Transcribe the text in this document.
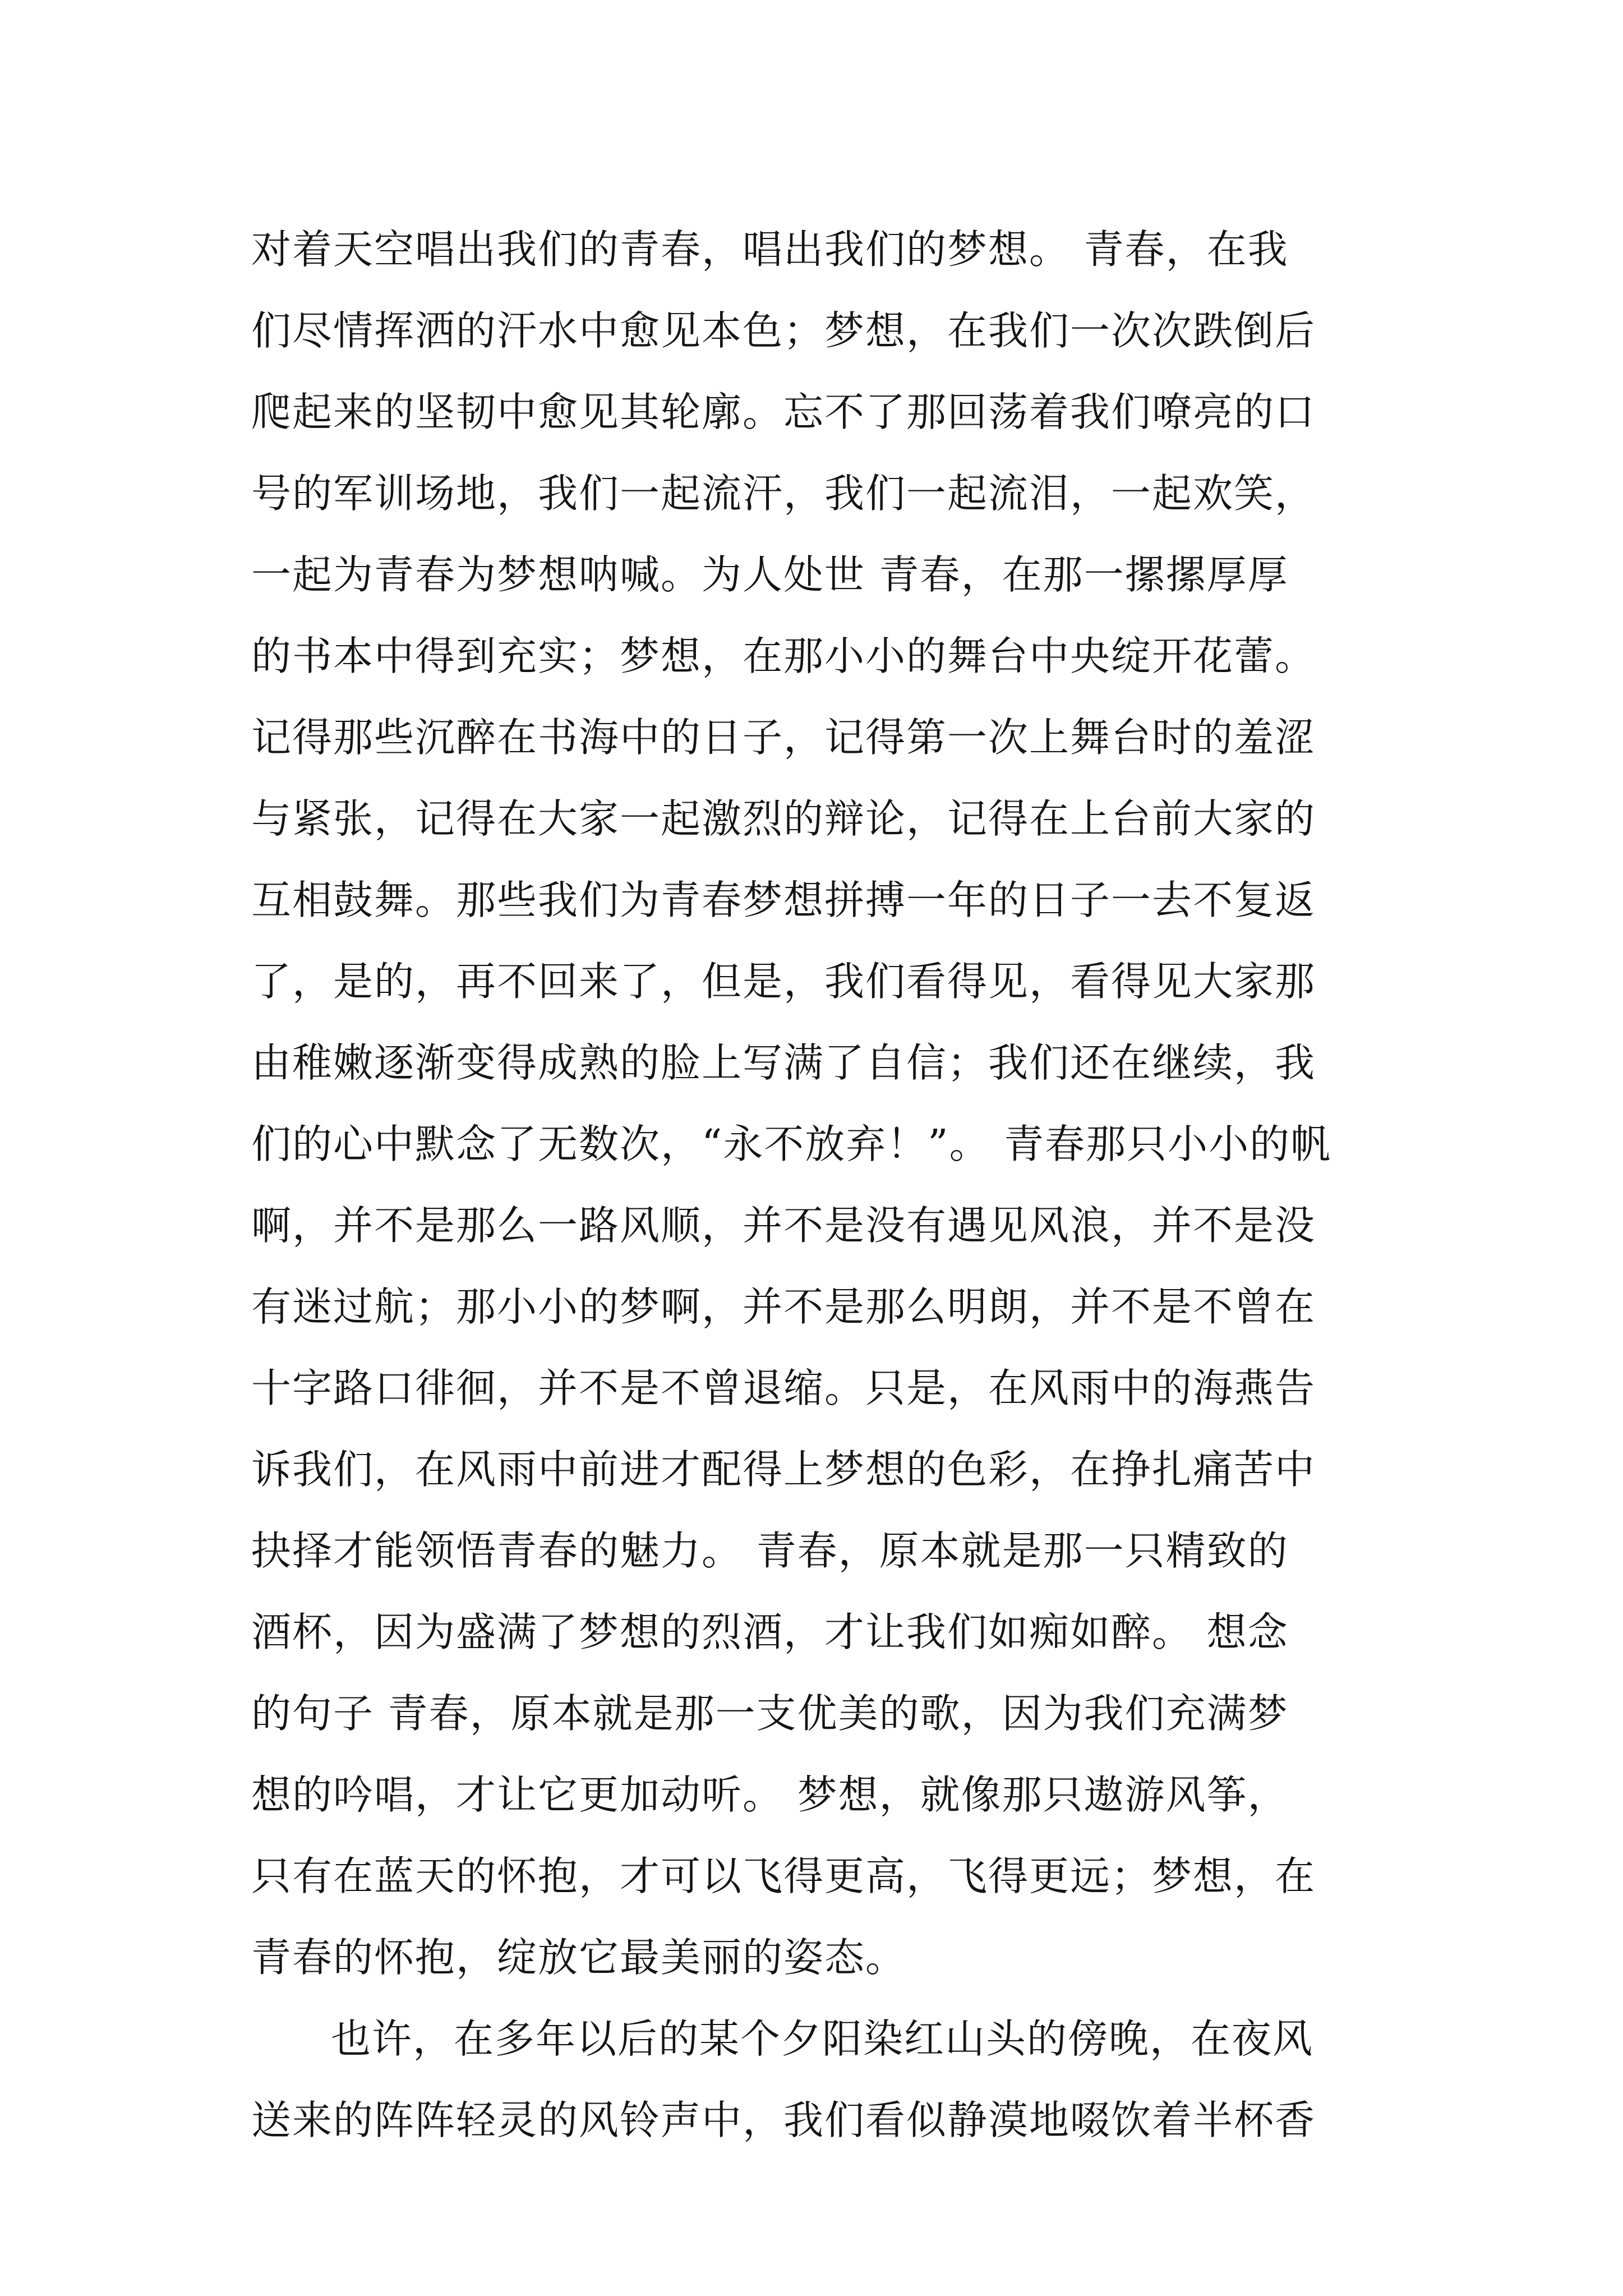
对着天空唱出我们的青春，唱出我们的梦想。 青春，在我
们尽情挥洒的汗水中愈见本色；梦想，在我们一次次跌倒后
爬起来的坚韧中愈见其轮廓。忘不了那回荡着我们嘹亮的口
号的军训场地，我们一起流汗，我们一起流泪，一起欢笑，
一起为青春为梦想呐喊。为人处世 青春，在那一摞摞厚厚
的书本中得到充实；梦想，在那小小的舞台中央绽开花蕾。
记得那些沉醉在书海中的日子，记得第一次上舞台时的羞涩
与紧张，记得在大家一起激烈的辩论，记得在上台前大家的
互相鼓舞。那些我们为青春梦想拼搏一年的日子一去不复返
了，是的，再不回来了，但是，我们看得见，看得见大家那
由稚嫩逐渐变得成熟的脸上写满了自信；我们还在继续，我
们的心中默念了无数次，“永不放弃！”。 青春那只小小的帆
啊，并不是那么一路风顺，并不是没有遇见风浪，并不是没
有迷过航；那小小的梦啊，并不是那么明朗，并不是不曾在
十字路口徘徊，并不是不曾退缩。只是，在风雨中的海燕告
诉我们，在风雨中前进才配得上梦想的色彩，在挣扎痛苦中
抉择才能领悟青春的魅力。 青春，原本就是那一只精致的
酒杯，因为盛满了梦想的烈酒，才让我们如痴如醉。 想念
的句子 青春，原本就是那一支优美的歌，因为我们充满梦
想的吟唱，才让它更加动听。 梦想，就像那只遨游风筝，
只有在蓝天的怀抱，才可以飞得更高，飞得更远；梦想，在
青春的怀抱，绽放它最美丽的姿态。
也许，在多年以后的某个夕阳染红山头的傍晚，在夜风
送来的阵阵轻灵的风铃声中，我们看似静漠地啜饮着半杯香
